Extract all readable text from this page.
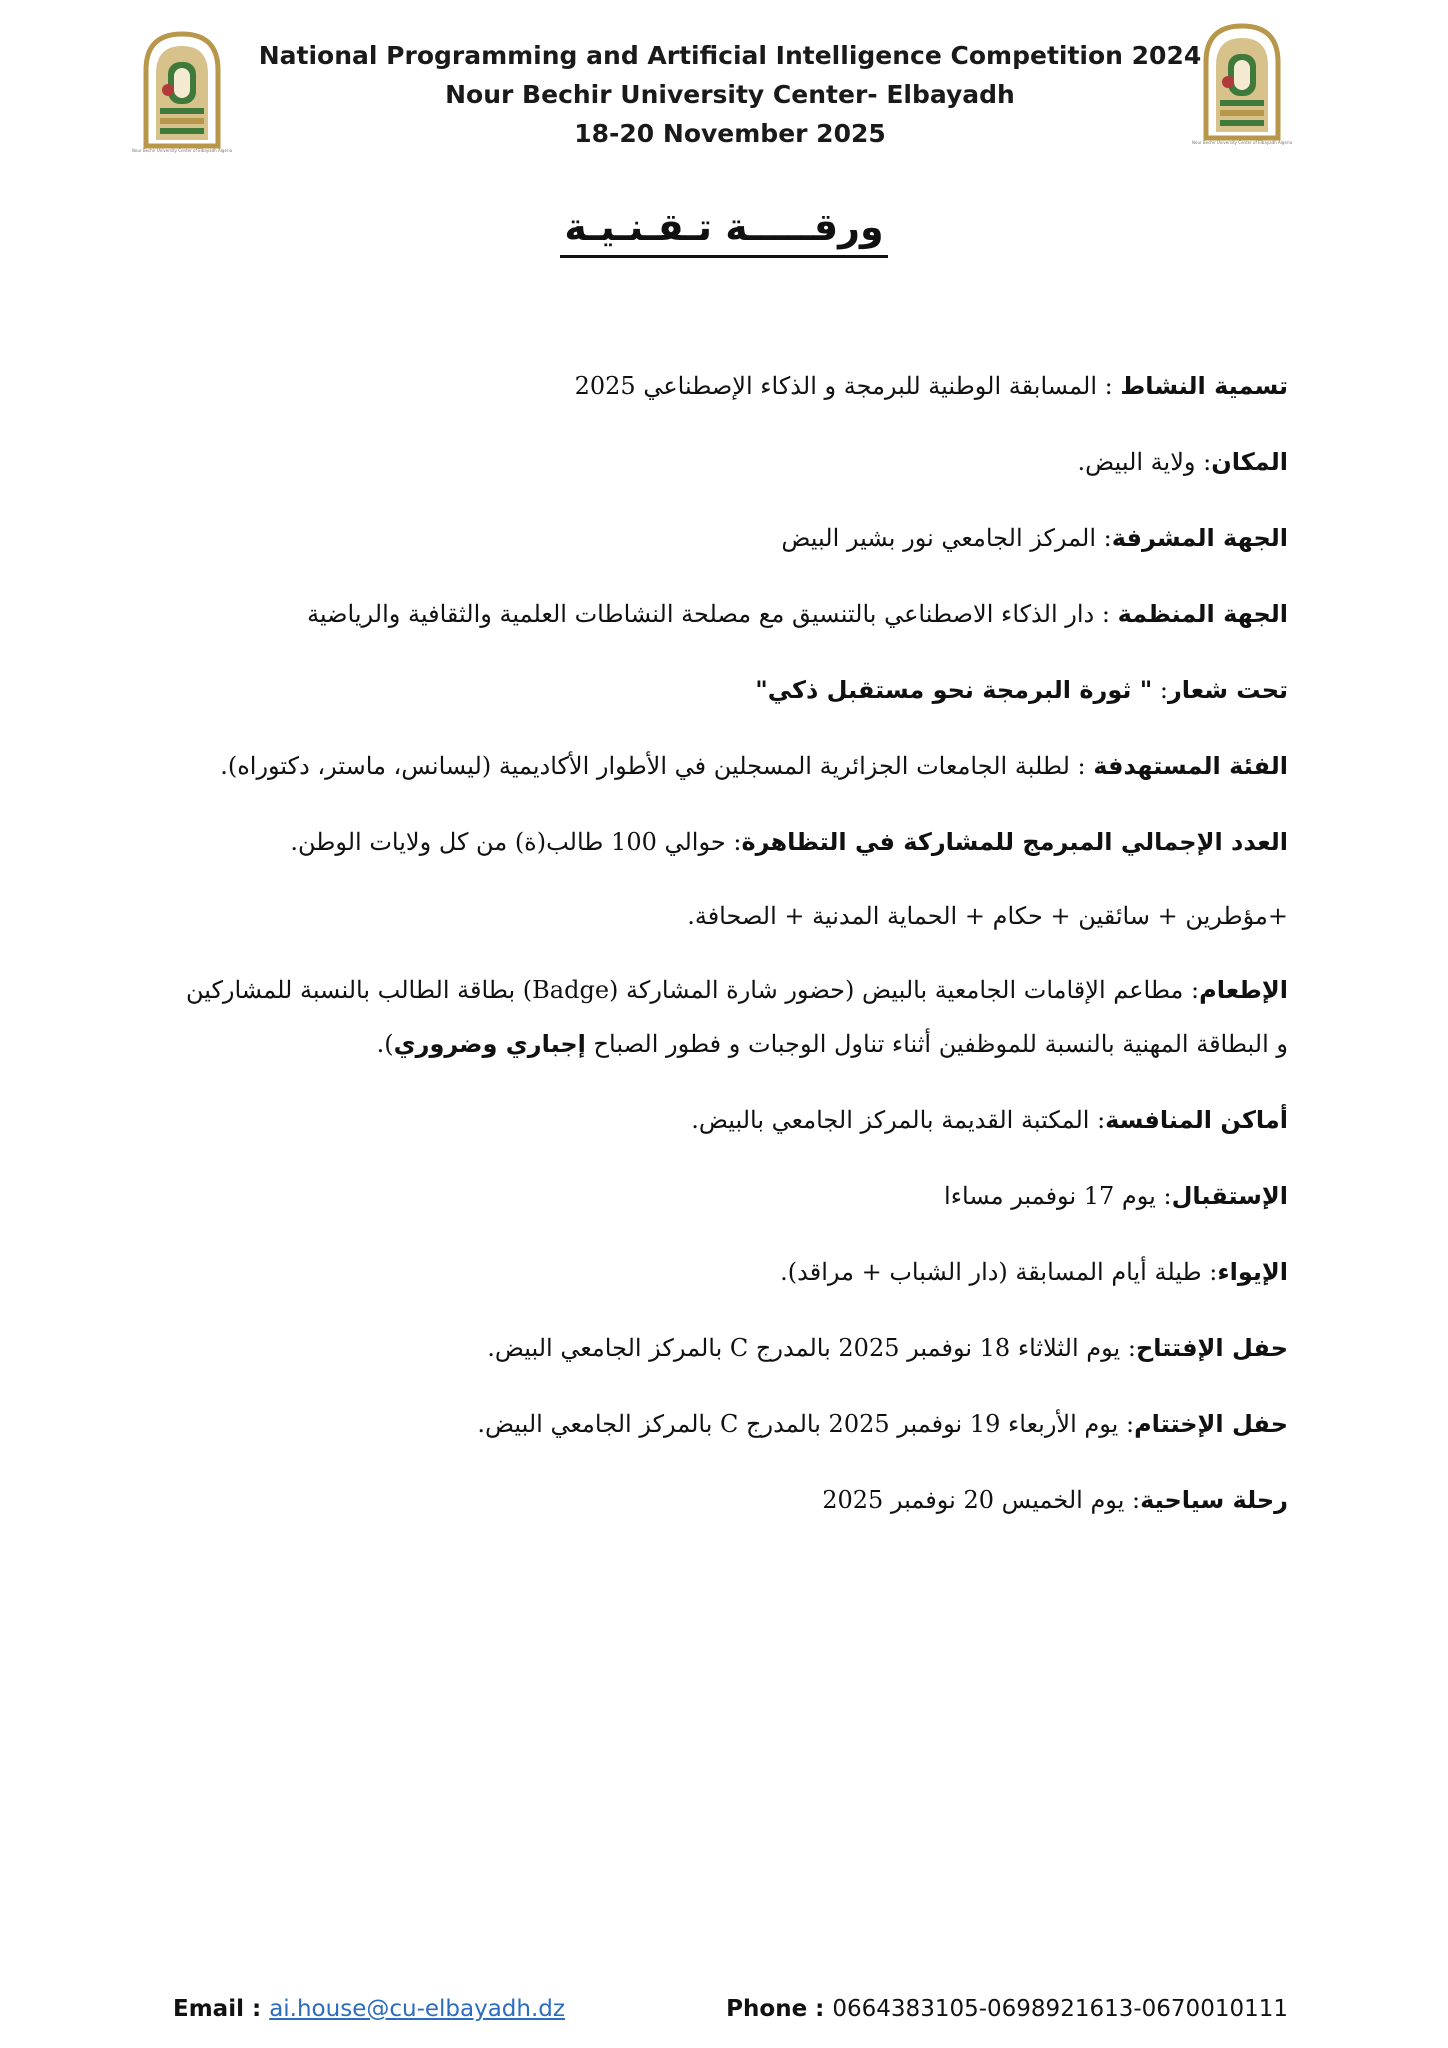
Nour Bechir University Center of Elbayadh Algeria
National Programming and Artificial Intelligence Competition 2024
Nour Bechir University Center- Elbayadh
18-20 November 2025	Nour Bechir University Center of Elbayadh Algeria
ورقـــــة تـقـنـيـة

تسمية النشاط : المسابقة الوطنية للبرمجة و الذكاء الإصطناعي 2025

المكان: ولاية البيض.

الجهة المشرفة: المركز الجامعي نور بشير البيض

الجهة المنظمة : دار الذكاء الاصطناعي بالتنسيق مع مصلحة النشاطات العلمية والثقافية والرياضية

تحت شعار: " ثورة البرمجة نحو مستقبل ذكي"

الفئة المستهدفة : لطلبة الجامعات الجزائرية المسجلين في الأطوار الأكاديمية (ليسانس، ماستر، دكتوراه).

العدد الإجمالي المبرمج للمشاركة في التظاهرة: حوالي 100 طالب(ة) من كل ولايات الوطن.

+مؤطرين + سائقين + حكام + الحماية المدنية + الصحافة.

الإطعام: مطاعم الإقامات الجامعية بالبيض (حضور شارة المشاركة (Badge) بطاقة الطالب بالنسبة للمشاركين

و البطاقة المهنية بالنسبة للموظفين أثناء تناول الوجبات و فطور الصباح إجباري وضروري).

أماكن المنافسة: المكتبة القديمة بالمركز الجامعي بالبيض.

الإستقبال: يوم 17 نوفمبر مساءا

الإيواء: طيلة أيام المسابقة (دار الشباب + مراقد).

حفل الإفتتاح: يوم الثلاثاء 18 نوفمبر 2025 بالمدرج C بالمركز الجامعي البيض.

حفل الإختتام: يوم الأربعاء 19 نوفمبر 2025 بالمدرج C بالمركز الجامعي البيض.

رحلة سياحية: يوم الخميس 20 نوفمبر 2025

Email : ai.house@cu-elbayadh.dz	Phone : 0664383105-0698921613-0670010111
